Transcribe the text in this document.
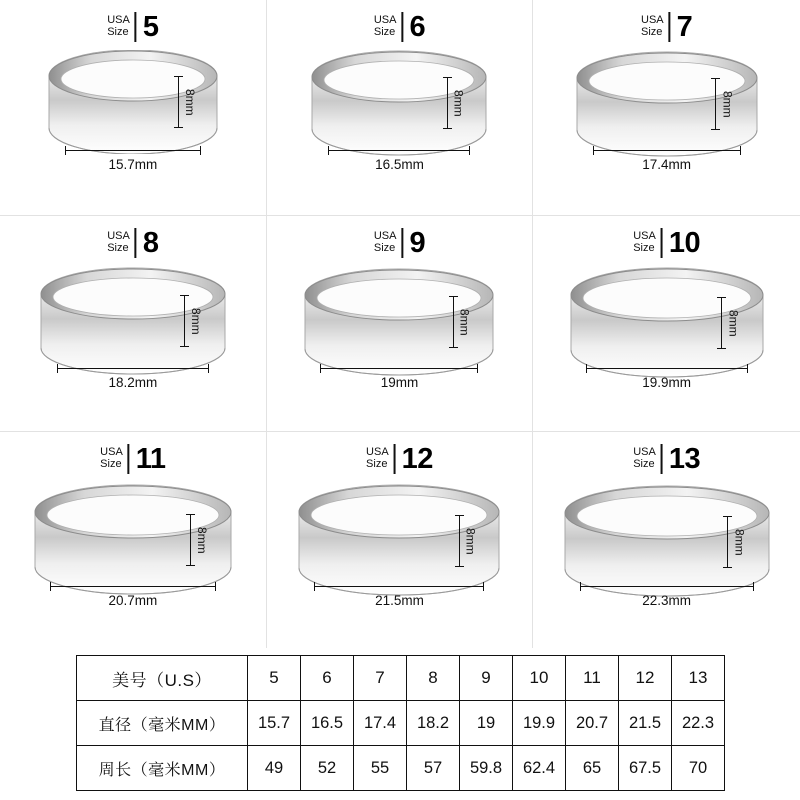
USA
Size 5
8mm
15.7mm
USA
Size 6
8mm
16.5mm
USA
Size 7
8mm
17.4mm
USA
Size 8
8mm
18.2mm
USA
Size 9
8mm
19mm
USA
Size 10
8mm
19.9mm
USA
Size 11
8mm
20.7mm
USA
Size 12
8mm
21.5mm
USA
Size 13
8mm
22.3mm
美号（U.S）	5	6	7	8	9	10	11	12	13
直径（毫米MM）	15.7	16.5	17.4	18.2	19	19.9	20.7	21.5	22.3
周长（毫米MM）	49	52	55	57	59.8	62.4	65	67.5	70
